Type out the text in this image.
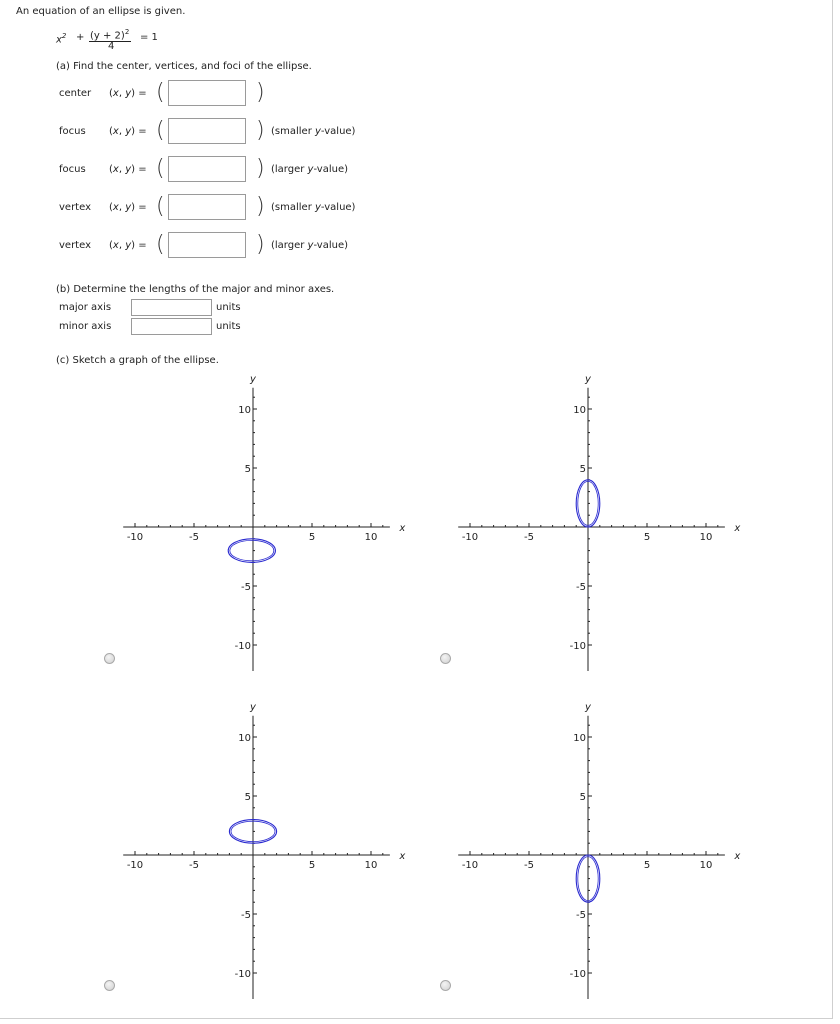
An equation of an ellipse is given.
$x^2 + (y + 2)^2$
4
= 1
(a) Find the center, vertices, and foci of the ellipse.
center (x, y) = (	)
focus (x, y) = (	) (smaller y-value)
focus (x, y) = (	) (larger y-value)
vertex (x, y) = (	) (smaller y-value)
vertex (x, y) = (	) (larger y-value)
(b) Determine the lengths of the major and minor axes.
major axis	units
minor axis	units
(c) Sketch a graph of the ellipse.
-10	-5	5	10
10
5
-5
-10
x
y
-10	-5	5	10
10
5
-5
-10
x
y
-10	-5	5	10
10
5
-5
-10
x
y
-10	-5	5	10
10
5
-5
-10
x
y
